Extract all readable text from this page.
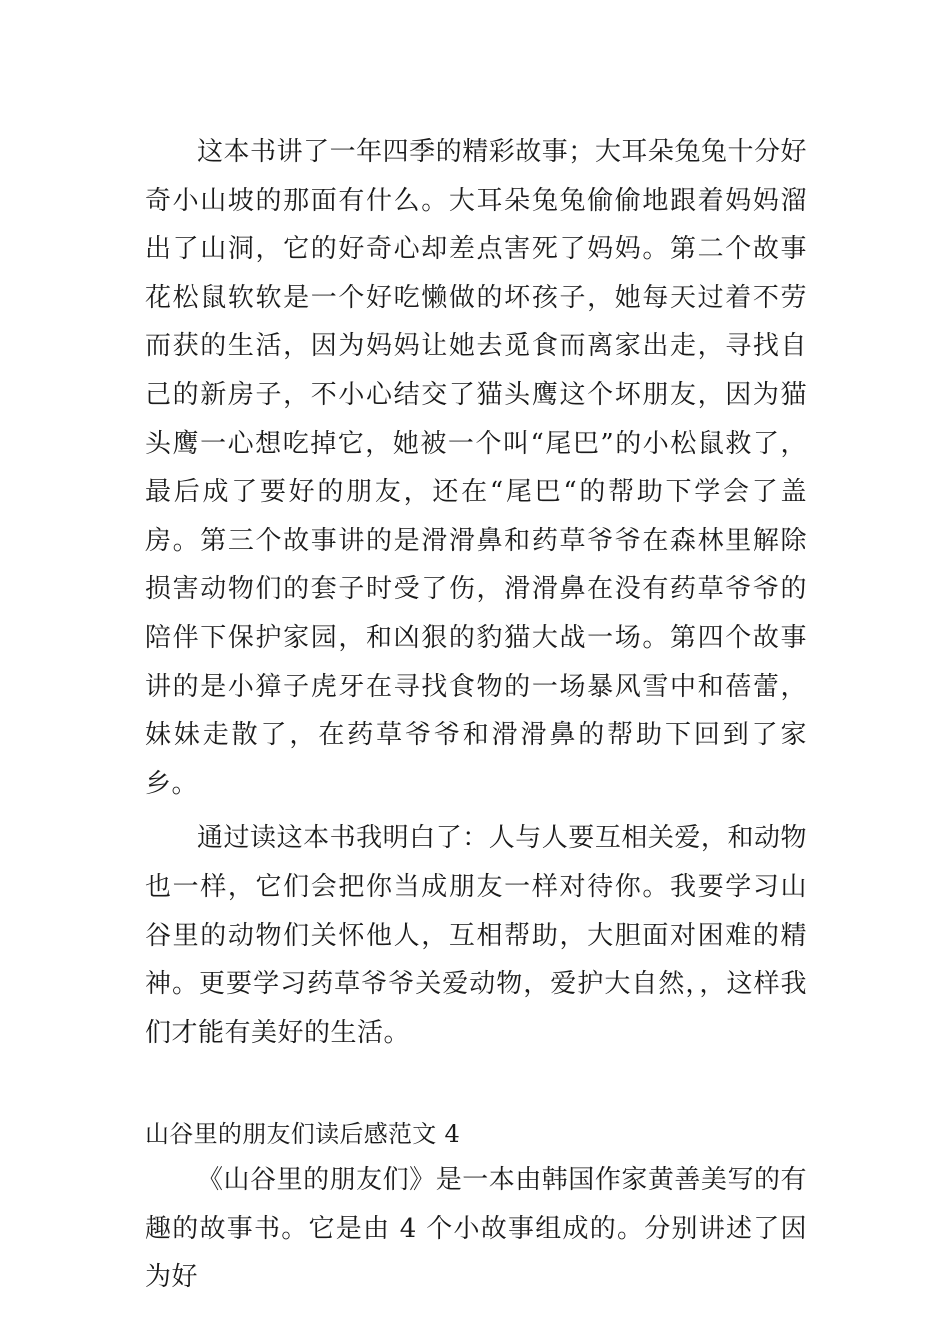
这本书讲了一年四季的精彩故事；大耳朵兔兔十分好奇小山坡的那面有什么。大耳朵兔兔偷偷地跟着妈妈溜出了山洞，它的好奇心却差点害死了妈妈。第二个故事花松鼠软软是一个好吃懒做的坏孩子，她每天过着不劳而获的生活，因为妈妈让她去觅食而离家出走，寻找自己的新房子，不小心结交了猫头鹰这个坏朋友，因为猫头鹰一心想吃掉它，她被一个叫“尾巴”的小松鼠救了，最后成了要好的朋友，还在“尾巴“的帮助下学会了盖房。第三个故事讲的是滑滑鼻和药草爷爷在森林里解除损害动物们的套子时受了伤，滑滑鼻在没有药草爷爷的陪伴下保护家园，和凶狠的豹猫大战一场。第四个故事讲的是小獐子虎牙在寻找食物的一场暴风雪中和蓓蕾，妹妹走散了，在药草爷爷和滑滑鼻的帮助下回到了家乡。

通过读这本书我明白了：人与人要互相关爱，和动物也一样，它们会把你当成朋友一样对待你。我要学习山谷里的动物们关怀他人，互相帮助，大胆面对困难的精神。更要学习药草爷爷关爱动物，爱护大自然，，这样我们才能有美好的生活。

山谷里的朋友们读后感范文 4

《山谷里的朋友们》是一本由韩国作家黄善美写的有趣的故事书。它是由 4 个小故事组成的。分别讲述了因为好
